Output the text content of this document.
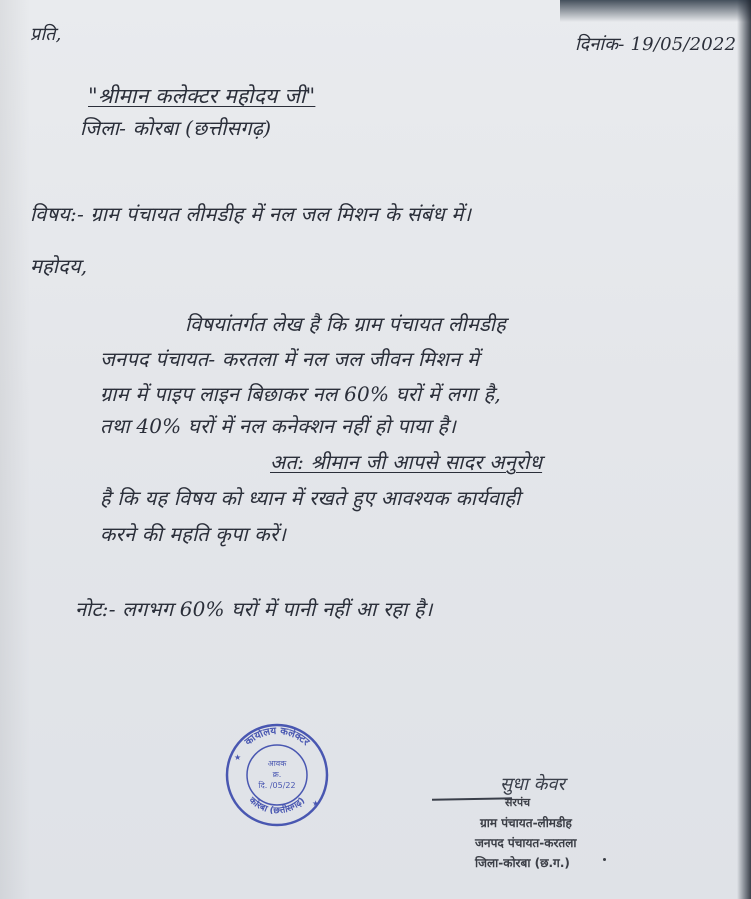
प्रति,	दिनांक- 19/05/2022
"श्रीमान कलेक्टर महोदय जी"
जिला- कोरबा (छत्तीसगढ़)
विषय:- ग्राम पंचायत लीमडीह में नल जल मिशन के संबंध में।
महोदय,
विषयांतर्गत लेख है कि ग्राम पंचायत लीमडीह
जनपद पंचायत- करतला में नल जल जीवन मिशन में
ग्राम में पाइप लाइन बिछाकर नल 60% घरों में लगा है,
तथा 40% घरों में नल कनेक्शन नहीं हो पाया है।
अत: श्रीमान जी आपसे सादर अनुरोध
है कि यह विषय को ध्यान में रखते हुए आवश्यक कार्यवाही
करने की महति कृपा करें।
नोट:- लगभग 60% घरों में पानी नहीं आ रहा है।
कार्यालय कलेक्टर
कोरबा (छत्तीसगढ़)
आवक
क्र.
दि. /05/22
★
★
सुधा केवर
सरपंच
ग्राम पंचायत-लीमडीह
जनपद पंचायत-करतला
जिला-कोरबा (छ.ग.)
